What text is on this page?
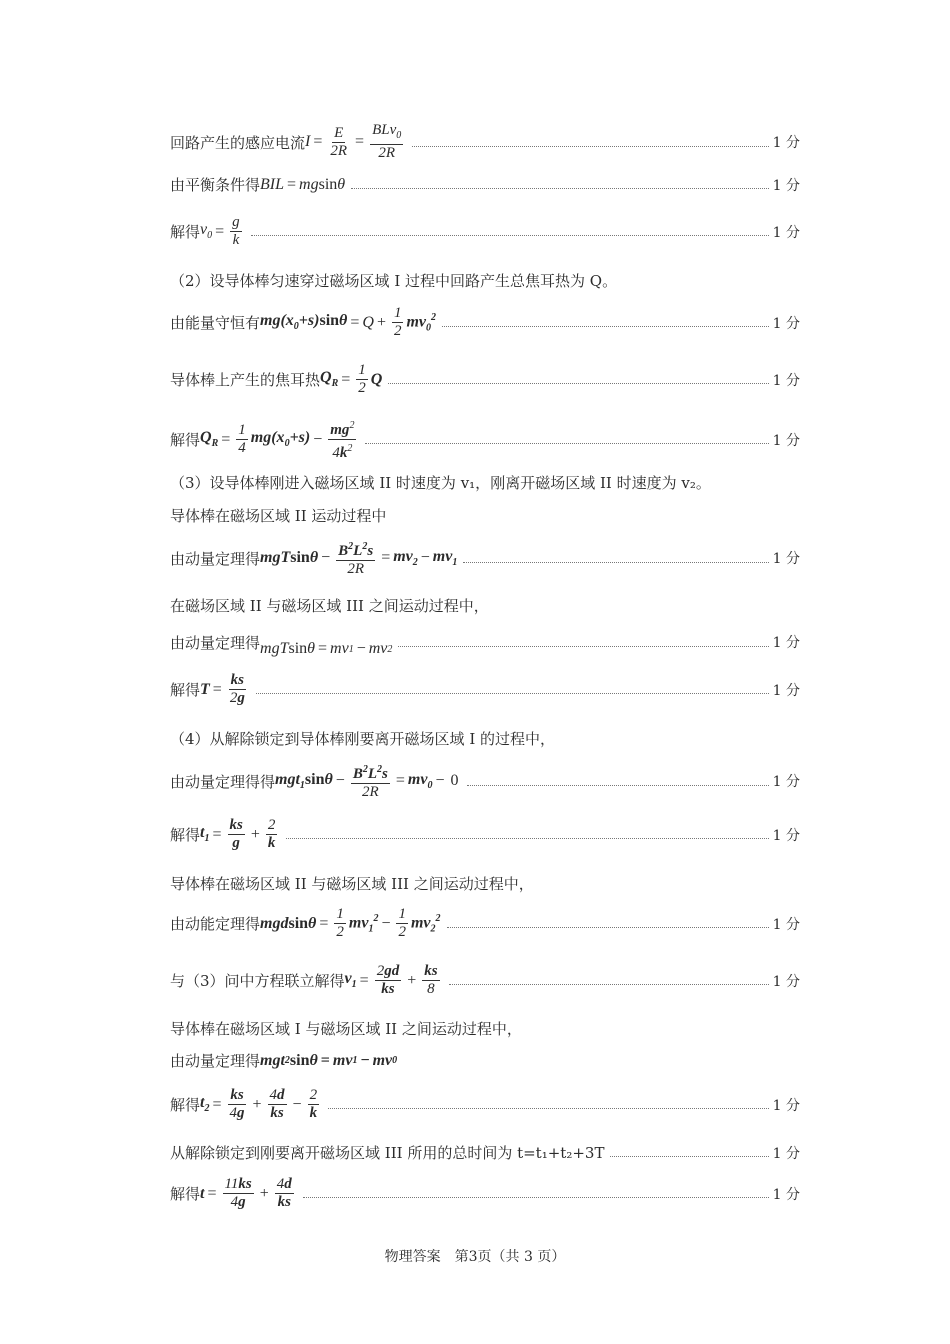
回路产生的感应电流 $I = \frac{E}{2R} = \frac{BLv_0}{2R}$	1 分
由平衡条件得 BIL = mg sin θ	1 分
解得 $v_0 = \frac{g}{k}$	1 分
（2）设导体棒匀速穿过磁场区域 I 过程中回路产生总焦耳热为 Q。
由能量守恒有 $mg(x_0+s)\sin\theta = Q + \frac{1}{2} mv_0^2$	1 分
导体棒上产生的焦耳热 $Q_R = \frac{1}{2}$ Q	1 分
解得 $Q_R = \frac{1}{4} mg(x_0+s) - \frac{mg^2}{4k^2}$	1 分
（3）设导体棒刚进入磁场区域 II 时速度为 v₁，刚离开磁场区域 II 时速度为 v₂。
导体棒在磁场区域 II 运动过程中
由动量定理得 $mgTsin\theta - \frac{B^2L^2s}{2R} = mv_2 - mv_1$	1 分
在磁场区域 II 与磁场区域 III 之间运动过程中，
由动量定理得 mgT sin θ = mv 1 − mv 2	1 分
解得 $T = \frac{ks}{2g}$	1 分
（4）从解除锁定到导体棒刚要离开磁场区域 I 的过程中，
由动量定理得得 $mgt_1\sin\theta - \frac{B^2L^2s}{2R} = mv_0 - 0$	1 分
解得 $t_1 = \frac{ks}{g} + \frac{2}{k}$	1 分
导体棒在磁场区域 II 与磁场区域 III 之间运动过程中，
由动能定理得 $mgdsin\theta = \frac{1}{2} mv_1^2 - \frac{1}{2} mv_2^2$	1 分
与（3）问中方程联立解得 $v_1 = \frac{2gd}{ks} + \frac{ks}{8}$	1 分
导体棒在磁场区域 I 与磁场区域 II 之间运动过程中，
由动量定理得 mgt 2 sin θ = mv 1 − mv 0
解得 $t_2 = \frac{ks}{4g} + \frac{4d}{ks} - \frac{2}{k}$	1 分
从解除锁定到刚要离开磁场区域 III 所用的总时间为 t=t₁+t₂+3T	1 分
解得 $t = \frac{11ks}{4g} + \frac{4d}{ks}$	1 分
物理答案　第3页（共 3 页）
